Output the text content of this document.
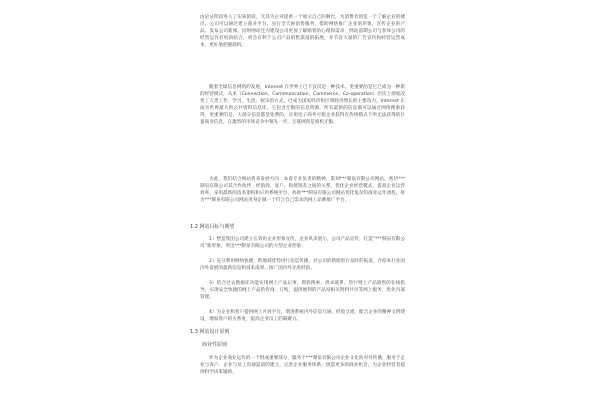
由论证阶段进入了实质阶段。尤其为企业提供一个展示自己的舞台，为消费者创造一个了解企业的捷径。公司可以通过建立商业平台，实行全天候销售服务，借助网络推广企业的形象，宣传企业的产品、发布公司新闻，同时网站还为建设公司更加了解顾客的心理和需求，网站前期公司与客体公司的经营运作有机的结合，将会有利于公司产品销售渠道的拓展，并节省大量的广告宣传和经营运营成本，更好地把握商机。

随着全球信息网络的发展，Internet 在世界上已不仅仅是一种技术，更重要的是它已成为一种新的经营模式，从术（Connection、Communication、Commerce、Co-operation）层次上彻底改变了人类工作、学习、生活、娱乐的方式，已成为国家经济和区域经济增长的主要动力。Internet 正成为世界最大的公共资料信息库，它包含无数的信息资源，所有最新的信息都可以通过网络搜索获得，更重要的是，大部分信息都是免费的，应用电子商务可使企业获得在传统模式下所无法获得的巨量商业信息，在激烈的市场竞争中领先一步。互联网真是商机无限。

为此，我们结合网站将来发展方向：本着专业负责的精神，策划***制泉有限公司网站，密切***制泉有限公司其合作伙伴，经销商、客户，和建筑者之间的关系，优化企业经营模式，提高企业运营效率。采用最新的技术架构和应用系统平台，协助***制泉有限公司网站优化复杂的商业运作流程，将为***制泉有限公司网站度身定做一个符合自己需求的网上品牌推广平台。

1.2 网站目标与期望

1）塑造集团公司建立在效的企业形象宣传，企业风采展示，公司产品宣传，打造“***制泉有限公司”新形象，突出***制泉有限公司的大型企业形象；

2）充分利用网络快捷，跨地域优势进行信息传播，对公司的新闻进行及时的报道，介绍本行业国内外发展的最新信息和技术成果，推广国内外先进经验。

3）结合过去数据库功能实现网上产品记事、资料搜索、供求联系、进行网上产品销售的在线指导，实现安全快捷的网上产品的咨询、订购，提供便利的产品及相关资料共享等网上服务，优化内部管理。

4）为企业和客户提供网上开放平台，增进系统内外信息互通、经验交流，配合企业的精神文明建设，增加客户的关系度，提高企业员工的凝聚力。

1.3 网站设计原则

商业性原则

作为企业商业运作的一个组成重要部分，服务于***制泉有限公司企业文化的对外传播，服务于企业与客户、企业与员工沟通渠道的建立，完善企业服务体系，创造更多的商业机会，为企业经营者提供科学决策辅助。
